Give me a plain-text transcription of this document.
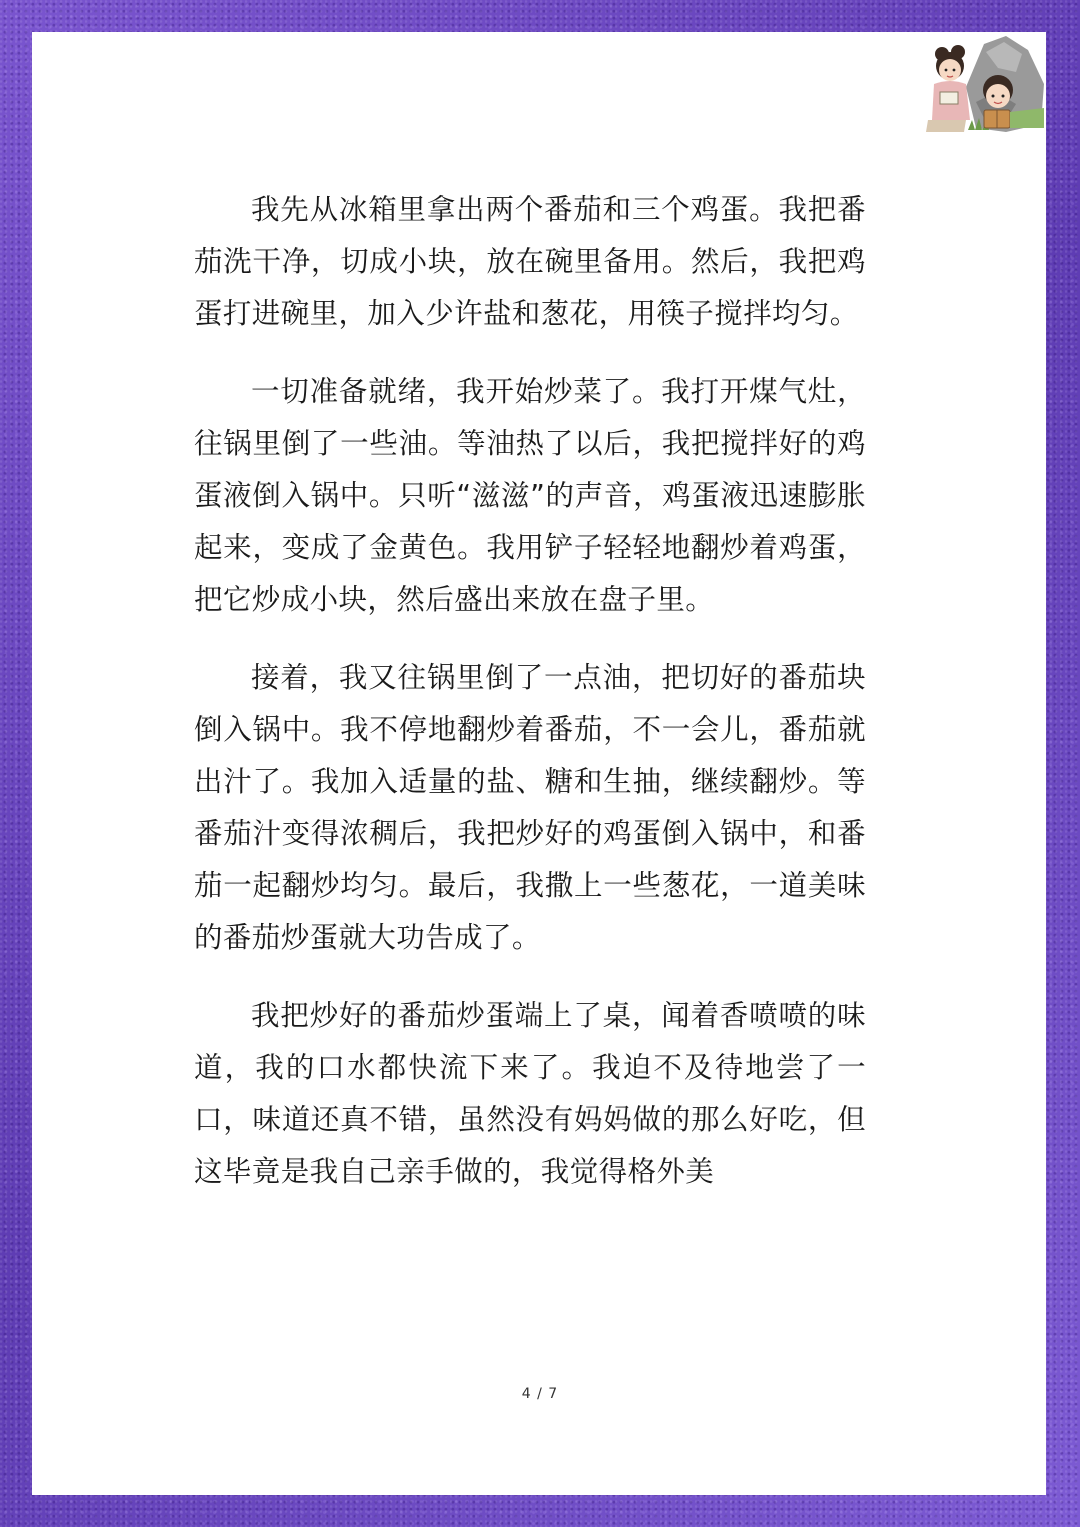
我先从冰箱里拿出两个番茄和三个鸡蛋。我把番茄洗干净，切成小块，放在碗里备用。然后，我把鸡蛋打进碗里，加入少许盐和葱花，用筷子搅拌均匀。

一切准备就绪，我开始炒菜了。我打开煤气灶，往锅里倒了一些油。等油热了以后，我把搅拌好的鸡蛋液倒入锅中。只听“滋滋”的声音，鸡蛋液迅速膨胀起来，变成了金黄色。我用铲子轻轻地翻炒着鸡蛋，把它炒成小块，然后盛出来放在盘子里。

接着，我又往锅里倒了一点油，把切好的番茄块倒入锅中。我不停地翻炒着番茄，不一会儿，番茄就出汁了。我加入适量的盐、糖和生抽，继续翻炒。等番茄汁变得浓稠后，我把炒好的鸡蛋倒入锅中，和番茄一起翻炒均匀。最后，我撒上一些葱花，一道美味的番茄炒蛋就大功告成了。

我把炒好的番茄炒蛋端上了桌，闻着香喷喷的味道，我的口水都快流下来了。我迫不及待地尝了一口，味道还真不错，虽然没有妈妈做的那么好吃，但这毕竟是我自己亲手做的，我觉得格外美

4 / 7
